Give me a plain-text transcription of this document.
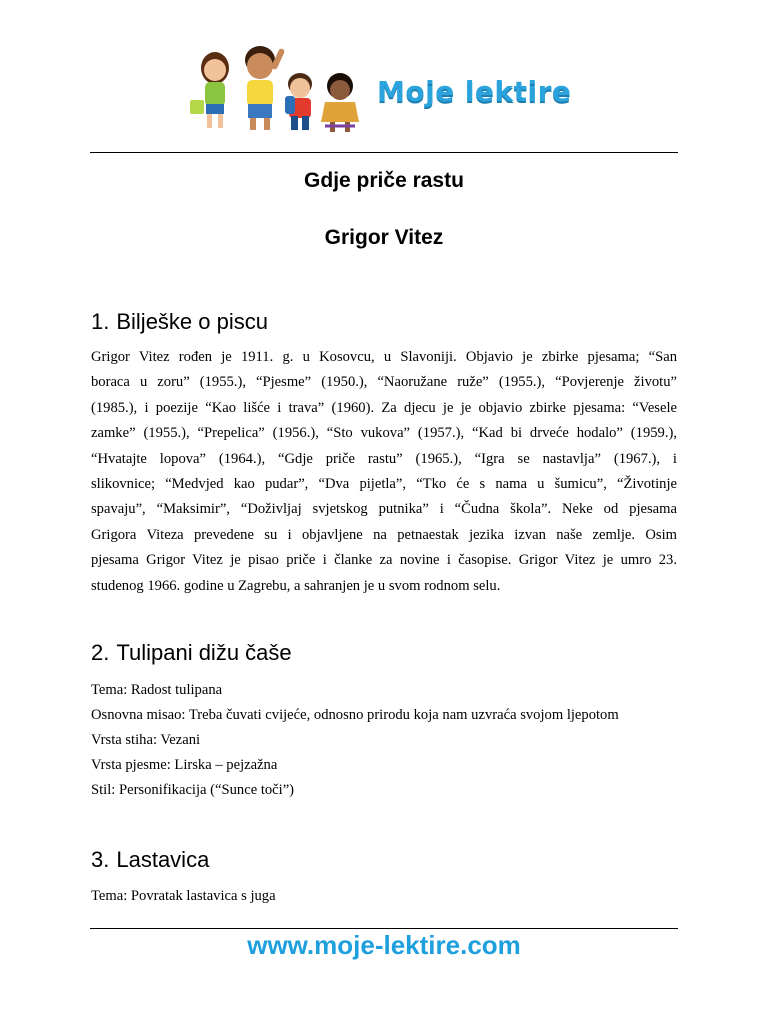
Moje lektire
Gdje priče rastu
Grigor Vitez
1. Bilješke o piscu
Grigor Vitez rođen je 1911. g. u Kosovcu, u Slavoniji. Objavio je zbirke pjesama; “San
boraca u zoru” (1955.), “Pjesme” (1950.), “Naoružane ruže” (1955.), “Povjerenje životu”
(1985.), i poezije “Kao lišće i trava” (1960). Za djecu je je objavio zbirke pjesama: “Vesele
zamke” (1955.), “Prepelica” (1956.), “Sto vukova” (1957.), “Kad bi drveće hodalo” (1959.),
“Hvatajte lopova” (1964.), “Gdje priče rastu” (1965.), “Igra se nastavlja” (1967.), i
slikovnice; “Medvjed kao pudar”, “Dva pijetla”, “Tko će s nama u šumicu”, “Životinje
spavaju”, “Maksimir”, “Doživljaj svjetskog putnika” i “Čudna škola”. Neke od pjesama
Grigora Viteza prevedene su i objavljene na petnaestak jezika izvan naše zemlje. Osim
pjesama Grigor Vitez je pisao priče i članke za novine i časopise. Grigor Vitez je umro 23.
studenog 1966. godine u Zagrebu, a sahranjen je u svom rodnom selu.
2. Tulipani dižu čaše
Tema: Radost tulipana
Osnovna misao: Treba čuvati cvijeće, odnosno prirodu koja nam uzvraća svojom ljepotom
Vrsta stiha: Vezani
Vrsta pjesme: Lirska – pejzažna
Stil: Personifikacija (“Sunce toči”)
3. Lastavica
Tema: Povratak lastavica s juga
www.moje-lektire.com
